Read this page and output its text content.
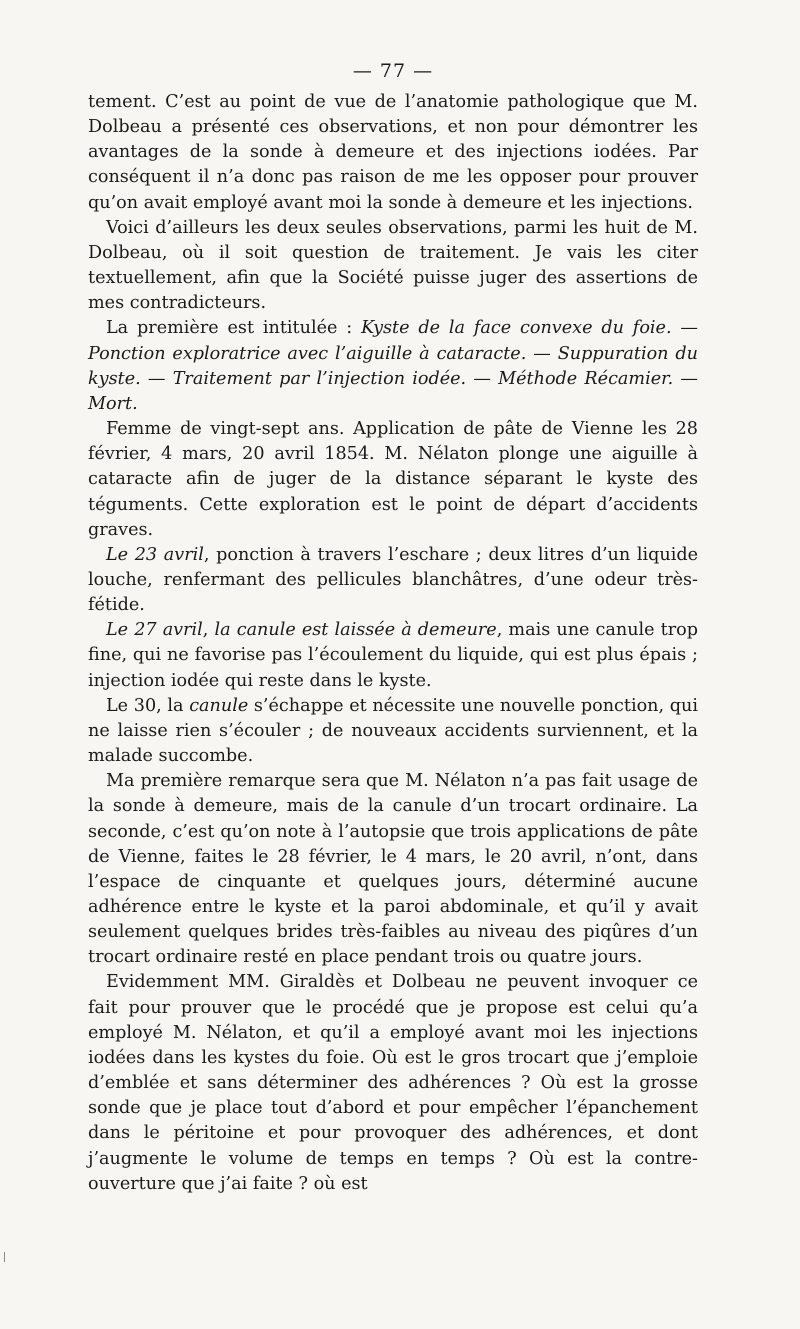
— 77 —

tement. C’est au point de vue de l’anatomie pathologique que M. Dolbeau a présenté ces observations, et non pour démontrer les avantages de la sonde à demeure et des injections iodées. Par conséquent il n’a donc pas raison de me les opposer pour prouver qu’on avait employé avant moi la sonde à demeure et les injections.

Voici d’ailleurs les deux seules observations, parmi les huit de M. Dolbeau, où il soit question de traitement. Je vais les citer textuellement, afin que la Société puisse juger des assertions de mes contradicteurs.

La première est intitulée : Kyste de la face convexe du foie. — Ponction exploratrice avec l’aiguille à cataracte. — Suppuration du kyste. — Traitement par l’injection iodée. — Méthode Récamier. — Mort.

Femme de vingt-sept ans. Application de pâte de Vienne les 28 février, 4 mars, 20 avril 1854. M. Nélaton plonge une aiguille à cataracte afin de juger de la distance séparant le kyste des téguments. Cette exploration est le point de départ d’accidents graves.

Le 23 avril, ponction à travers l’eschare ; deux litres d’un liquide louche, renfermant des pellicules blanchâtres, d’une odeur très-fétide.

Le 27 avril, la canule est laissée à demeure, mais une canule trop fine, qui ne favorise pas l’écoulement du liquide, qui est plus épais ; injection iodée qui reste dans le kyste.

Le 30, la canule s’échappe et nécessite une nouvelle ponction, qui ne laisse rien s’écouler ; de nouveaux accidents surviennent, et la malade succombe.

Ma première remarque sera que M. Nélaton n’a pas fait usage de la sonde à demeure, mais de la canule d’un trocart ordinaire. La seconde, c’est qu’on note à l’autopsie que trois applications de pâte de Vienne, faites le 28 février, le 4 mars, le 20 avril, n’ont, dans l’espace de cinquante et quelques jours, déterminé aucune adhérence entre le kyste et la paroi abdominale, et qu’il y avait seulement quelques brides très-faibles au niveau des piqûres d’un trocart ordinaire resté en place pendant trois ou quatre jours.

Evidemment MM. Giraldès et Dolbeau ne peuvent invoquer ce fait pour prouver que le procédé que je propose est celui qu’a employé M. Nélaton, et qu’il a employé avant moi les injections iodées dans les kystes du foie. Où est le gros trocart que j’emploie d’emblée et sans déterminer des adhérences ? Où est la grosse sonde que je place tout d’abord et pour empêcher l’épanchement dans le péritoine et pour provoquer des adhérences, et dont j’augmente le volume de temps en temps ? Où est la contre-ouverture que j’ai faite ? où est
